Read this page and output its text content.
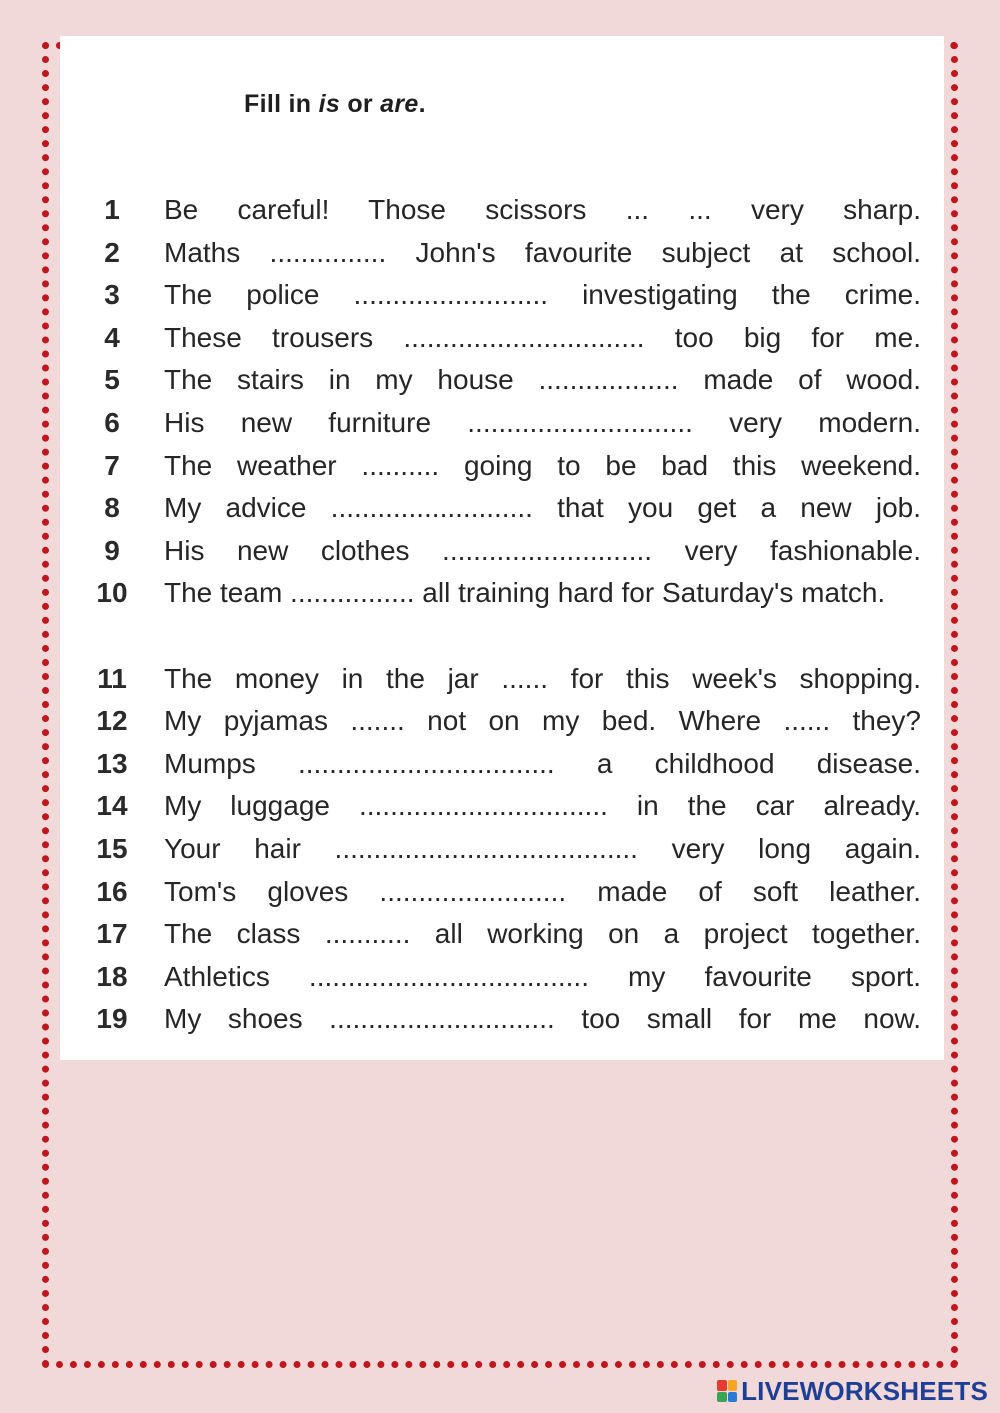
Fill in is or are.
1	Be careful! Those scissors ... ... very sharp.
2	Maths ............... John's favourite subject at school.
3	The police ......................... investigating the crime.
4	These trousers ............................... too big for me.
5	The stairs in my house .................. made of wood.
6	His new furniture ............................. very modern.
7	The weather .......... going to be bad this weekend.
8	My advice .......................... that you get a new job.
9	His new clothes ........................... very fashionable.
10	The team ................ all training hard for Saturday's match.
11	The money in the jar ...... for this week's shopping.
12	My pyjamas ....... not on my bed. Where ...... they?
13	Mumps ................................. a childhood disease.
14	My luggage ................................ in the car already.
15	Your hair ....................................... very long again.
16	Tom's gloves ........................ made of soft leather.
17	The class ........... all working on a project together.
18	Athletics .................................... my favourite sport.
19	My shoes ............................. too small for me now.
LIVEWORKSHEETS
